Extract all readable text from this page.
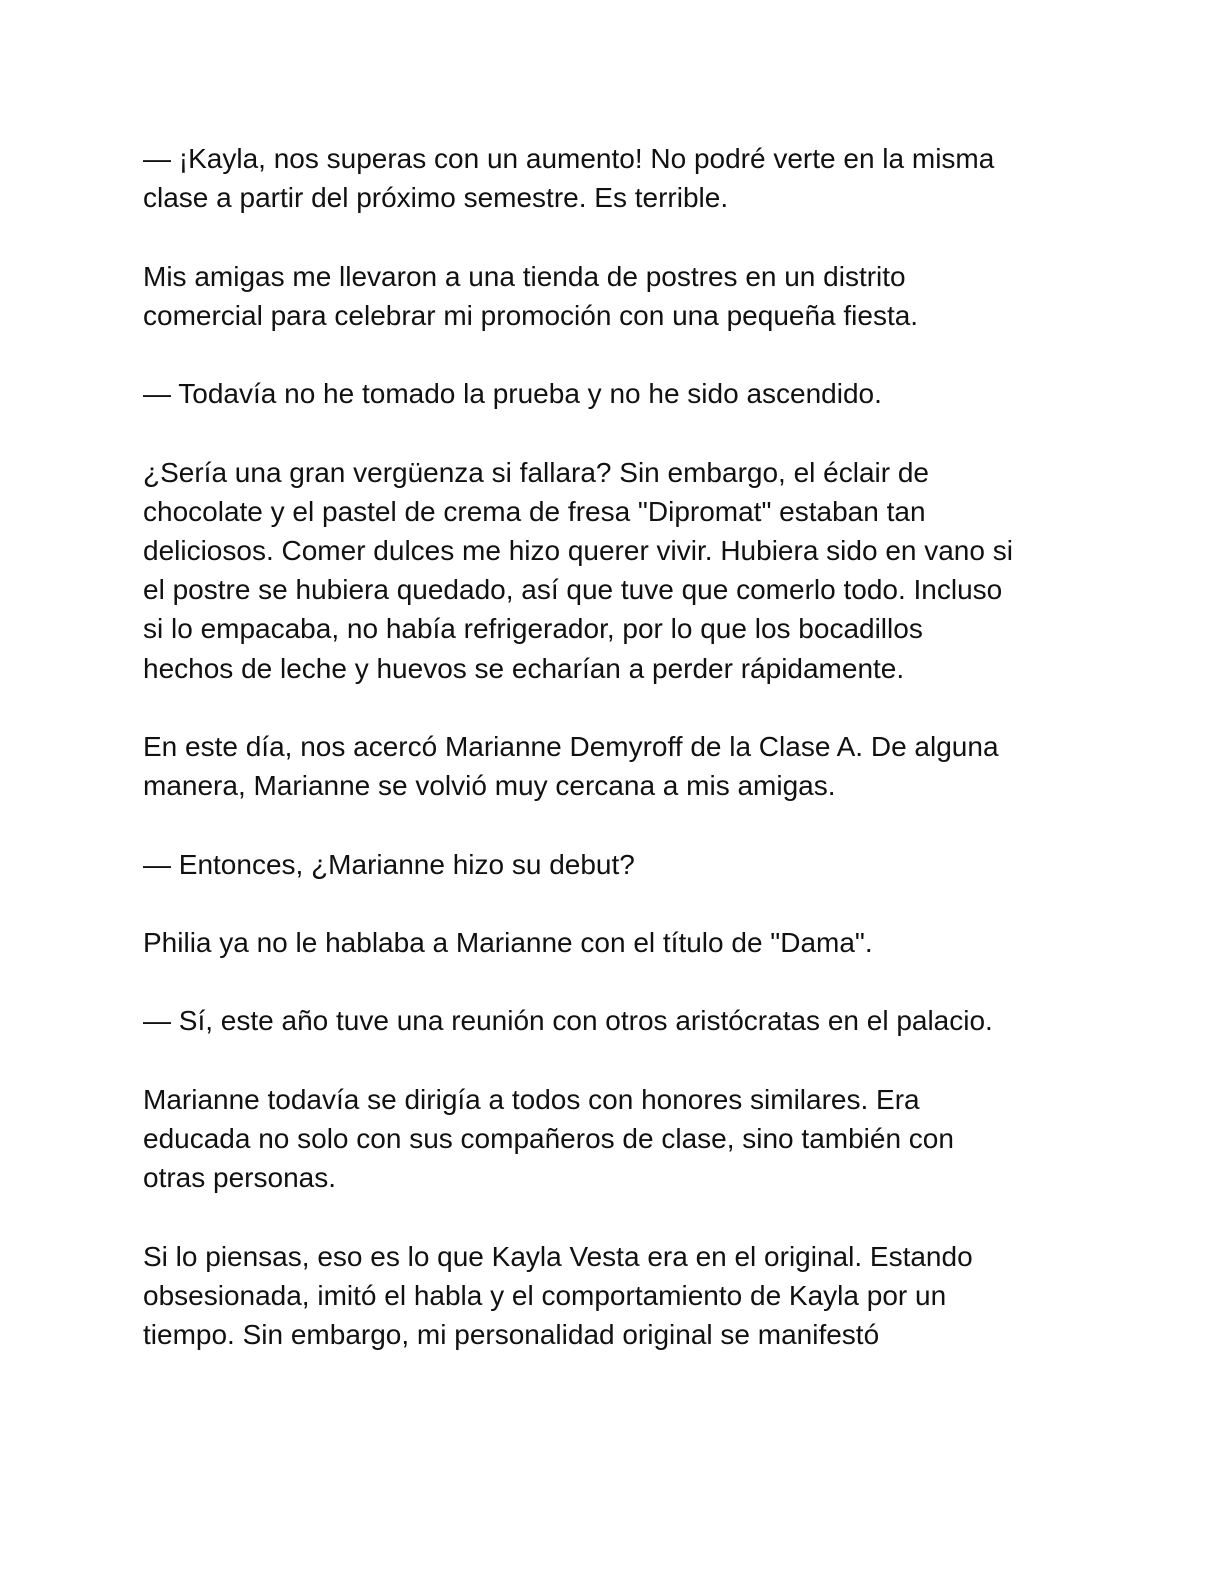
— ¡Kayla, nos superas con un aumento! No podré verte en la misma
clase a partir del próximo semestre. Es terrible.

Mis amigas me llevaron a una tienda de postres en un distrito
comercial para celebrar mi promoción con una pequeña fiesta.

— Todavía no he tomado la prueba y no he sido ascendido.

¿Sería una gran vergüenza si fallara? Sin embargo, el éclair de
chocolate y el pastel de crema de fresa "Dipromat" estaban tan
deliciosos. Comer dulces me hizo querer vivir. Hubiera sido en vano si
el postre se hubiera quedado, así que tuve que comerlo todo. Incluso
si lo empacaba, no había refrigerador, por lo que los bocadillos
hechos de leche y huevos se echarían a perder rápidamente.

En este día, nos acercó Marianne Demyroff de la Clase A. De alguna
manera, Marianne se volvió muy cercana a mis amigas.

— Entonces, ¿Marianne hizo su debut?

Philia ya no le hablaba a Marianne con el título de "Dama".

— Sí, este año tuve una reunión con otros aristócratas en el palacio.

Marianne todavía se dirigía a todos con honores similares. Era
educada no solo con sus compañeros de clase, sino también con
otras personas.

Si lo piensas, eso es lo que Kayla Vesta era en el original. Estando
obsesionada, imitó el habla y el comportamiento de Kayla por un
tiempo. Sin embargo, mi personalidad original se manifestó
